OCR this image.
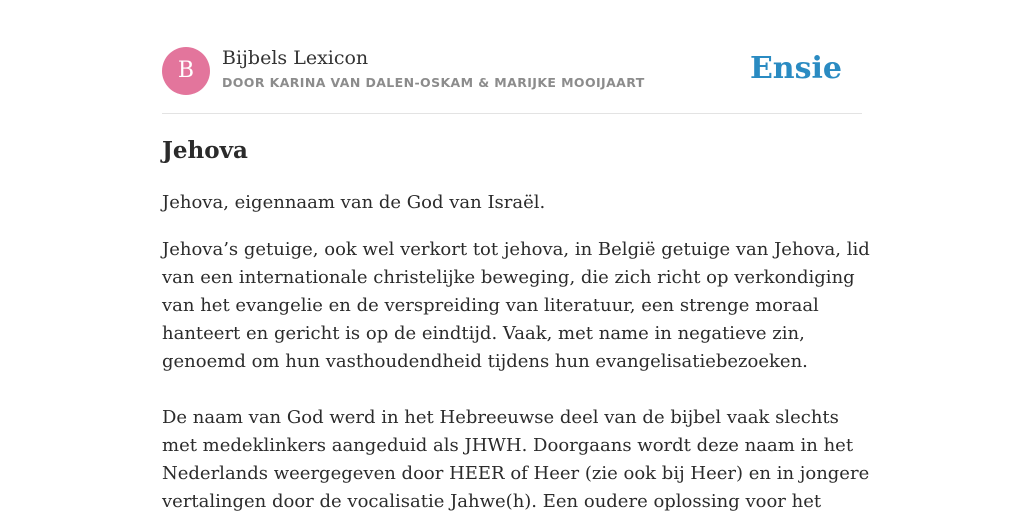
B	Bijbels Lexicon
DOOR KARINA VAN DALEN-OSKAM & MARIJKE MOOIJAART	Ensie
Jehova

Jehova, eigennaam van de God van Israël.

Jehova’s getuige, ook wel verkort tot jehova, in België getuige van Jehova, lid van een internationale christelijke beweging, die zich richt op verkondiging van het evangelie en de verspreiding van literatuur, een strenge moraal hanteert en gericht is op de eindtijd. Vaak, met name in negatieve zin, genoemd om hun vasthoudendheid tijdens hun evangelisatiebezoeken.

De naam van God werd in het Hebreeuwse deel van de bijbel vaak slechts met medeklinkers aangeduid als JHWH. Doorgaans wordt deze naam in het Nederlands weergegeven door HEER of Heer (zie ook bij Heer) en in jongere vertalingen door de vocalisatie Jahwe(h). Een oudere oplossing voor het
